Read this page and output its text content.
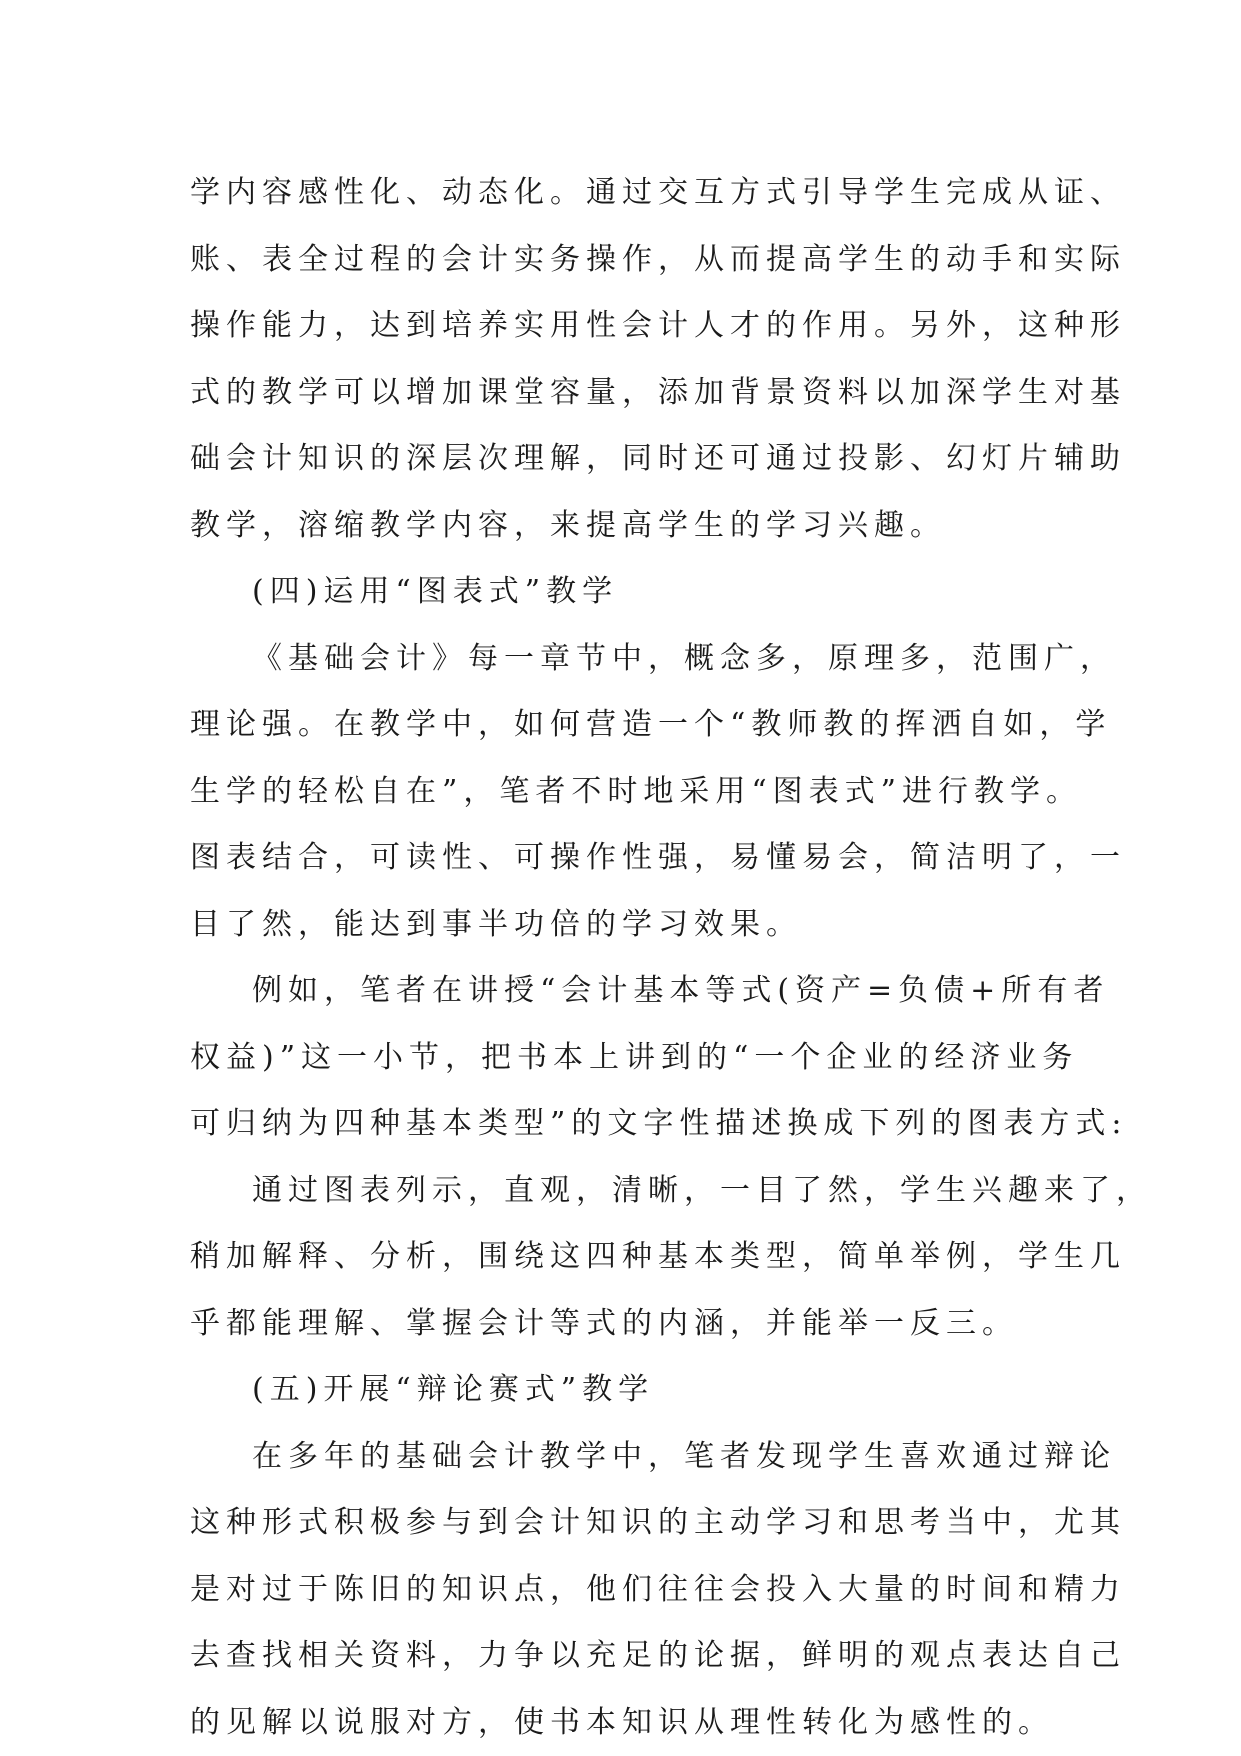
学内容感性化、动态化。通过交互方式引导学生完成从证、
账、表全过程的会计实务操作，从而提高学生的动手和实际
操作能力，达到培养实用性会计人才的作用。另外，这种形
式的教学可以增加课堂容量，添加背景资料以加深学生对基
础会计知识的深层次理解，同时还可通过投影、幻灯片辅助
教学，溶缩教学内容，来提高学生的学习兴趣。
(四)运用“图表式”教学
《基础会计》每一章节中，概念多，原理多，范围广，
理论强。在教学中，如何营造一个“教师教的挥洒自如，学
生学的轻松自在”，笔者不时地采用“图表式”进行教学。
图表结合，可读性、可操作性强，易懂易会，简洁明了，一
目了然，能达到事半功倍的学习效果。
例如，笔者在讲授“会计基本等式(资产=负债+所有者
权益)”这一小节，把书本上讲到的“一个企业的经济业务
可归纳为四种基本类型”的文字性描述换成下列的图表方式:
通过图表列示，直观，清晰，一目了然，学生兴趣来了，
稍加解释、分析，围绕这四种基本类型，简单举例，学生几
乎都能理解、掌握会计等式的内涵，并能举一反三。
(五)开展“辩论赛式”教学
在多年的基础会计教学中，笔者发现学生喜欢通过辩论
这种形式积极参与到会计知识的主动学习和思考当中，尤其
是对过于陈旧的知识点，他们往往会投入大量的时间和精力
去查找相关资料，力争以充足的论据，鲜明的观点表达自己
的见解以说服对方，使书本知识从理性转化为感性的。
